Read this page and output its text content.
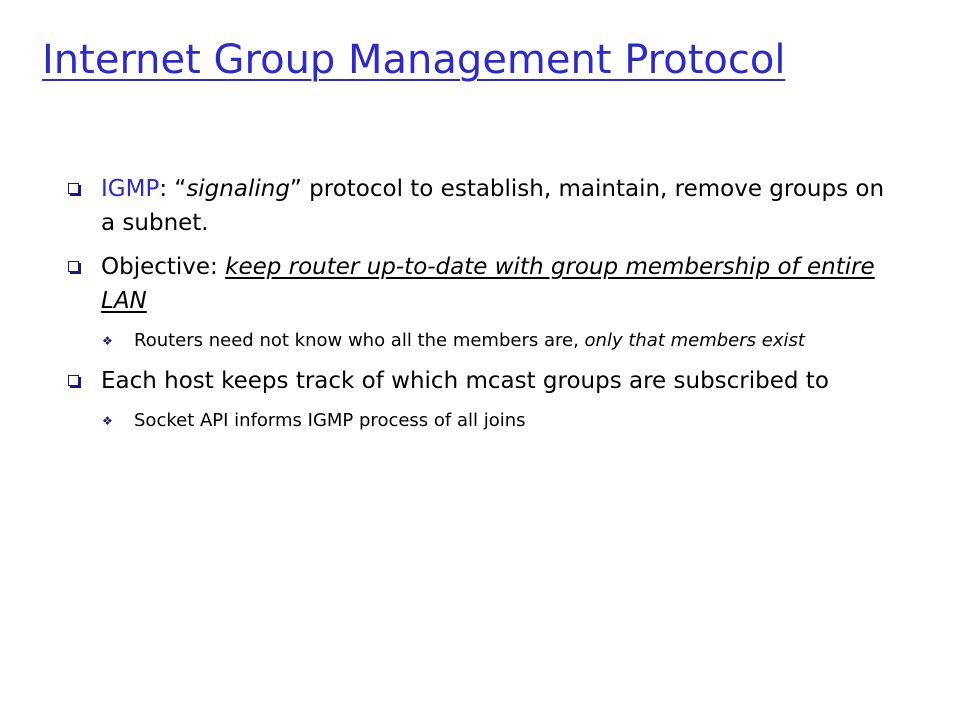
Internet Group Management Protocol
IGMP: “signaling” protocol to establish, maintain, remove groups on a subnet.
Objective: keep router up-to-date with group membership of entire LAN
❖ Routers need not know who all the members are, only that members exist
Each host keeps track of which mcast groups are subscribed to
❖ Socket API informs IGMP process of all joins
